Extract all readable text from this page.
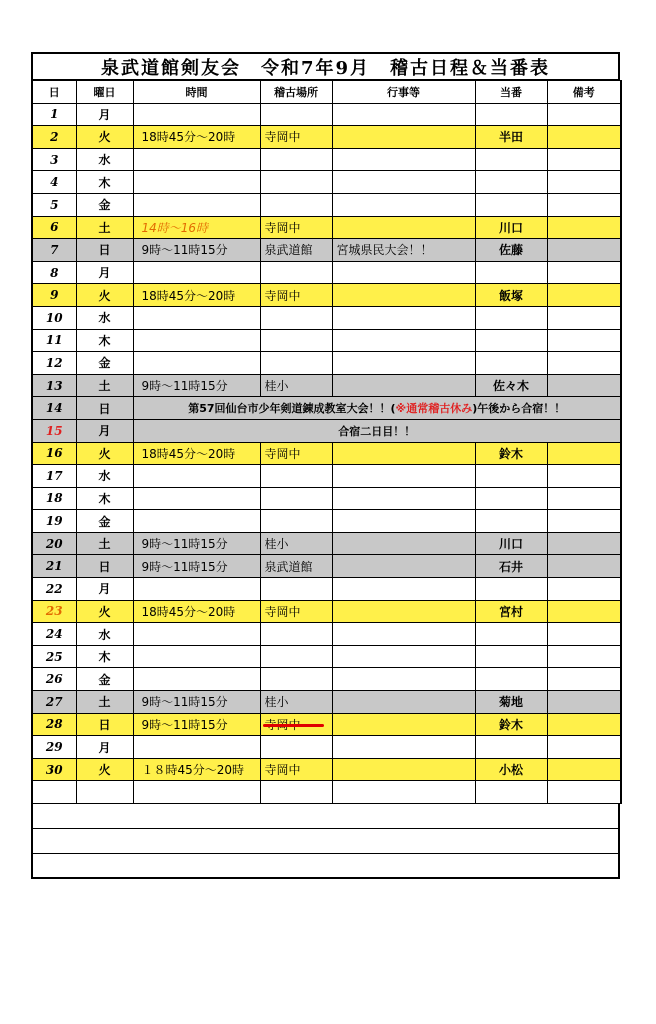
泉武道館剣友会　令和7年9月　稽古日程＆当番表
日	曜日	時間	稽古場所	行事等	当番	備考
1	月					
2	火	18時45分～20時	寺岡中		半田	
3	水					
4	木					
5	金					
6	土	14時～16時	寺岡中		川口	
7	日	9時～11時15分	泉武道館	宮城県民大会！！	佐藤	
8	月					
9	火	18時45分～20時	寺岡中		飯塚	
10	水					
11	木					
12	金					
13	土	9時～11時15分	桂小		佐々木	
14	日	第57回仙台市少年剣道錬成教室大会！！(※通常稽古休み)午後から合宿！！				
15	月	合宿二日目！！				
16	火	18時45分～20時	寺岡中		鈴木	
17	水					
18	木					
19	金					
20	土	9時～11時15分	桂小		川口	
21	日	9時～11時15分	泉武道館		石井	
22	月					
23	火	18時45分～20時	寺岡中		宮村	
24	水					
25	木					
26	金					
27	土	9時～11時15分	桂小		菊地	
28	日	9時～11時15分			鈴木	
29	月					
30	火	１８時45分～20時	寺岡中		小松	
